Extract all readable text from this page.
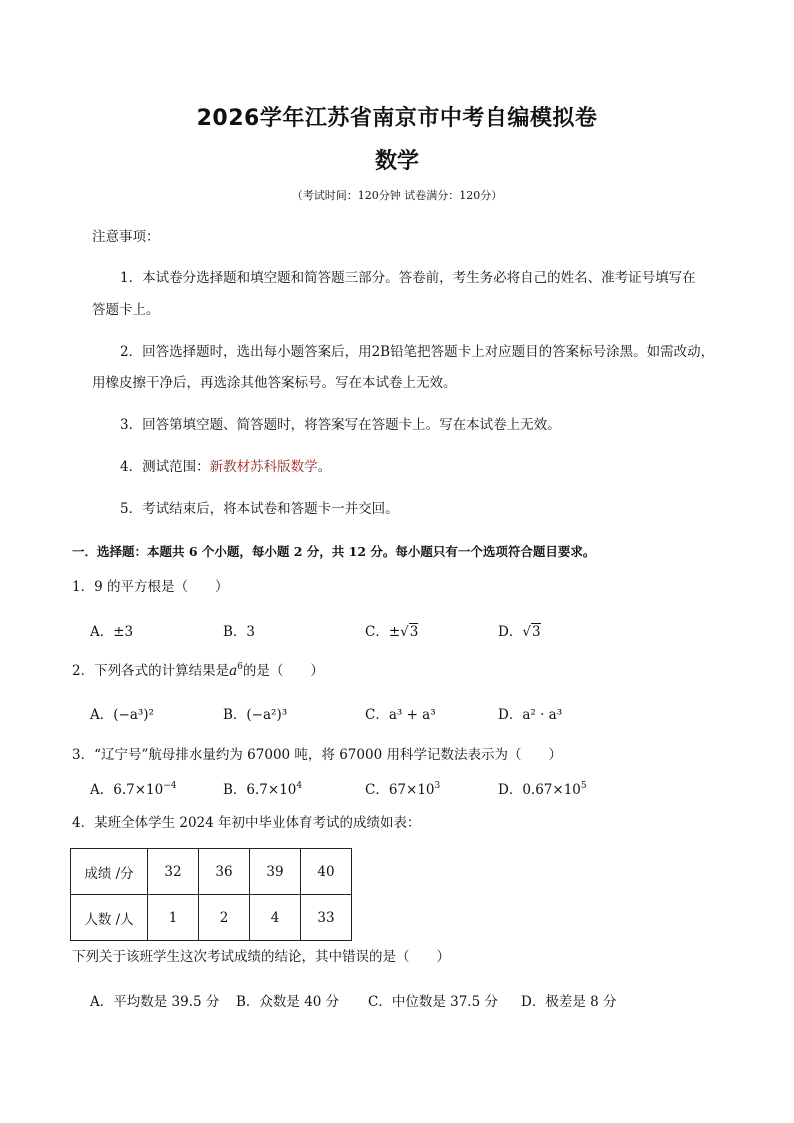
2026学年江苏省南京市中考自编模拟卷
数学
（考试时间：120分钟 试卷满分：120分）
注意事项：
1．本试卷分选择题和填空题和简答题三部分。答卷前，考生务必将自己的姓名、准考证号填写在
答题卡上。
2．回答选择题时，选出每小题答案后，用2B铅笔把答题卡上对应题目的答案标号涂黑。如需改动，
用橡皮擦干净后，再选涂其他答案标号。写在本试卷上无效。
3．回答第填空题、简答题时，将答案写在答题卡上。写在本试卷上无效。
4．测试范围：新教材苏科版数学。
5．考试结束后，将本试卷和答题卡一并交回。
一．选择题：本题共 6 个小题，每小题 2 分，共 12 分。每小题只有一个选项符合题目要求。
1．9 的平方根是（　　）
A．±3	B．3	C．±√3	D．√3
2．下列各式的计算结果是$a^6$的是（　　）
A．(−a³)²	B．(−a²)³	C．a³ + a³	D．a² · a³
3．“辽宁号”航母排水量约为 67000 吨，将 67000 用科学记数法表示为（　　）
A．$6.7\times 10^{-4}$	B．$6.7\times 10^4$	C．$67\times 10^3$	D．$0.67\times 10^5$
4．某班全体学生 2024 年初中毕业体育考试的成绩如表：
成绩 /分	32	36	39	40
人数 /人	1	2	4	33
下列关于该班学生这次考试成绩的结论，其中错误的是（　　）
A．平均数是 39.5 分 B．众数是 40 分 C．中位数是 37.5 分 D．极差是 8 分
